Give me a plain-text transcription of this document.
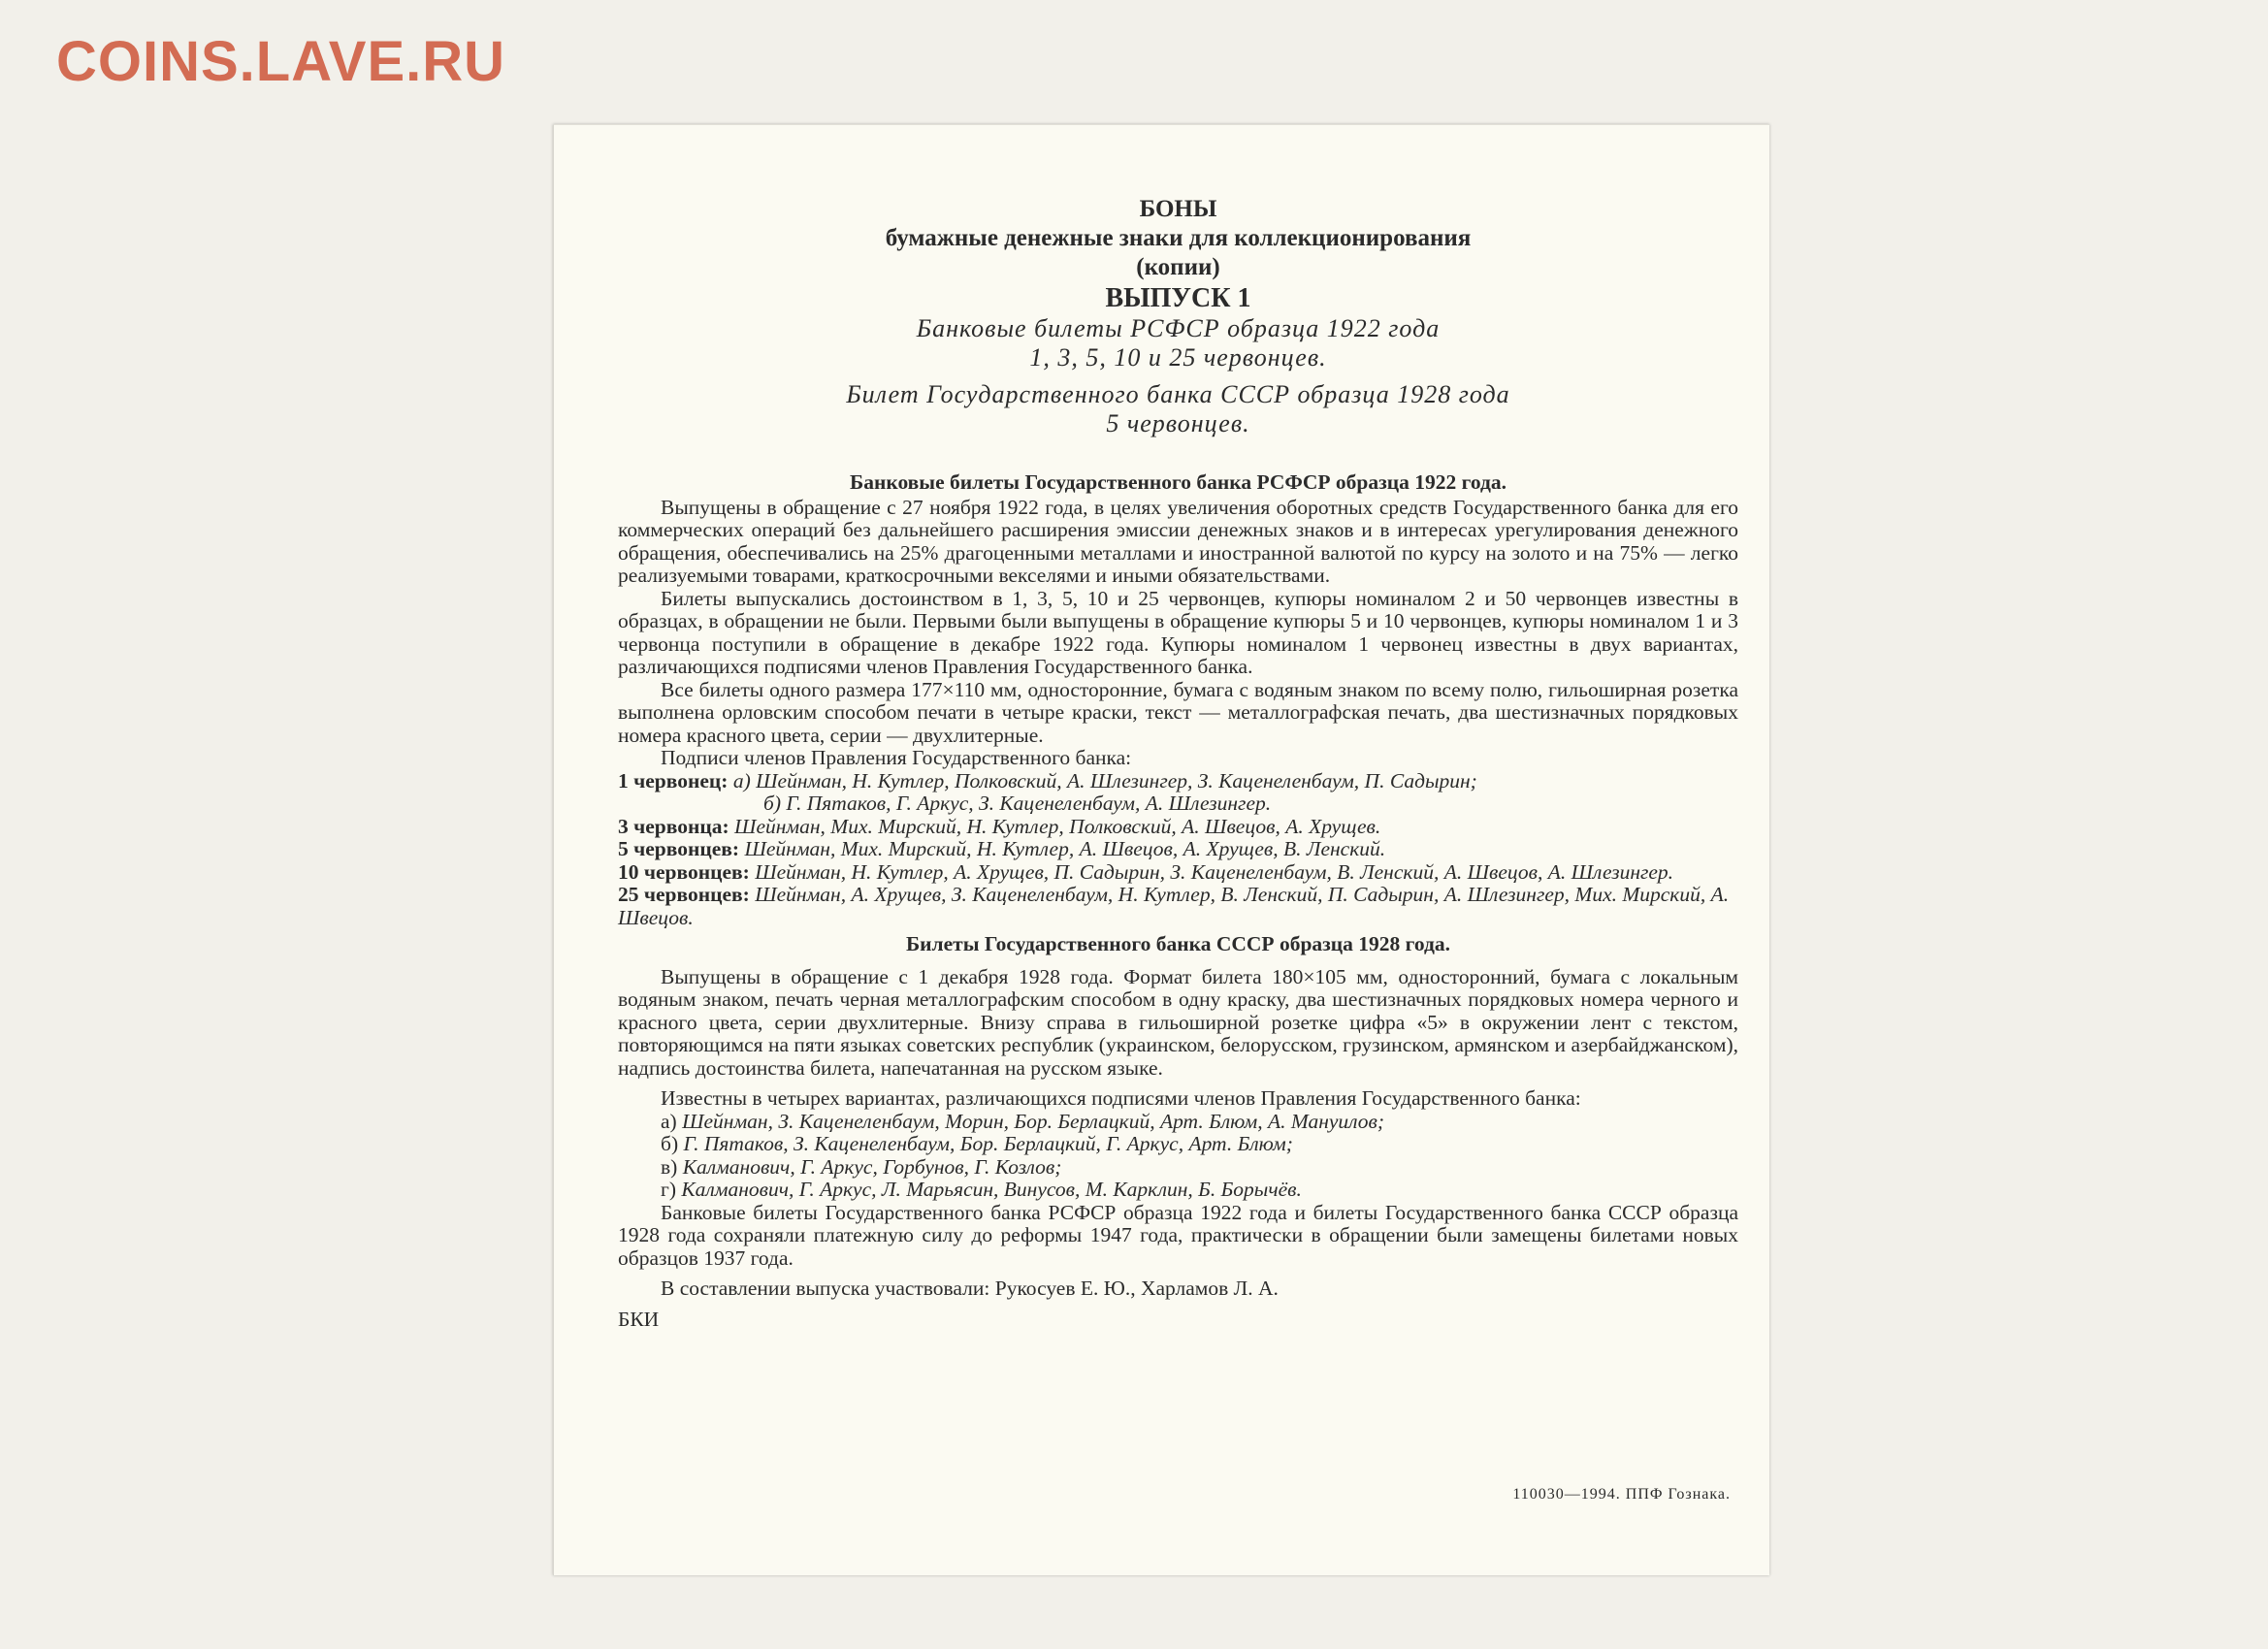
COINS.LAVE.RU
БОНЫ
бумажные денежные знаки для коллекционирования
(копии)
ВЫПУСК 1
Банковые билеты РСФСР образца 1922 года
1, 3, 5, 10 и 25 червонцев.
Билет Государственного банка СССР образца 1928 года
5 червонцев.
Банковые билеты Государственного банка РСФСР образца 1922 года.

Выпущены в обращение с 27 ноября 1922 года, в целях увеличения оборотных средств Государственного банка для его коммерческих операций без дальнейшего расширения эмиссии денежных знаков и в интересах урегулирования денежного обращения, обеспечивались на 25% драгоценными металлами и иностранной валютой по курсу на золото и на 75% — легко реализуемыми товарами, краткосрочными векселями и иными обязательствами.

Билеты выпускались достоинством в 1, 3, 5, 10 и 25 червонцев, купюры номиналом 2 и 50 червонцев известны в образцах, в обращении не были. Первыми были выпущены в обращение купюры 5 и 10 червонцев, купюры номиналом 1 и 3 червонца поступили в обращение в декабре 1922 года. Купюры номиналом 1 червонец известны в двух вариантах, различающихся подписями членов Правления Государственного банка.

Все билеты одного размера 177×110 мм, односторонние, бумага с водяным знаком по всему полю, гильоширная розетка выполнена орловским способом печати в четыре краски, текст — металлографская печать, два шестизначных порядковых номера красного цвета, серии — двухлитерные.

Подписи членов Правления Государственного банка:

1 червонец: а) Шейнман, Н. Кутлер, Полковский, А. Шлезингер, З. Каценеленбаум, П. Садырин;
б) Г. Пятаков, Г. Аркус, З. Каценеленбаум, А. Шлезингер.
3 червонца: Шейнман, Мих. Мирский, Н. Кутлер, Полковский, А. Швецов, А. Хрущев.
5 червонцев: Шейнман, Мих. Мирский, Н. Кутлер, А. Швецов, А. Хрущев, В. Ленский.
10 червонцев: Шейнман, Н. Кутлер, А. Хрущев, П. Садырин, З. Каценеленбаум, В. Ленский, А. Швецов, А. Шлезингер.
25 червонцев: Шейнман, А. Хрущев, З. Каценеленбаум, Н. Кутлер, В. Ленский, П. Садырин, А. Шлезингер, Мих. Мирский, А. Швецов.
Билеты Государственного банка СССР образца 1928 года.

Выпущены в обращение с 1 декабря 1928 года. Формат билета 180×105 мм, односторонний, бумага с локальным водяным знаком, печать черная металлографским способом в одну краску, два шестизначных порядковых номера черного и красного цвета, серии двухлитерные. Внизу справа в гильоширной розетке цифра «5» в окружении лент с текстом, повторяющимся на пяти языках советских республик (украинском, белорусском, грузинском, армянском и азербайджанском), надпись достоинства билета, напечатанная на русском языке.

Известны в четырех вариантах, различающихся подписями членов Правления Государственного банка:

а) Шейнман, З. Каценеленбаум, Морин, Бор. Берлацкий, Арт. Блюм, А. Мануилов;
б) Г. Пятаков, З. Каценеленбаум, Бор. Берлацкий, Г. Аркус, Арт. Блюм;
в) Калманович, Г. Аркус, Горбунов, Г. Козлов;
г) Калманович, Г. Аркус, Л. Марьясин, Винусов, М. Карклин, Б. Борычёв.

Банковые билеты Государственного банка РСФСР образца 1922 года и билеты Государственного банка СССР образца 1928 года сохраняли платежную силу до реформы 1947 года, практически в обращении были замещены билетами новых образцов 1937 года.

В составлении выпуска участвовали: Рукосуев Е. Ю., Харламов Л. А.

БКИ

110030—1994. ППФ Гознака.
